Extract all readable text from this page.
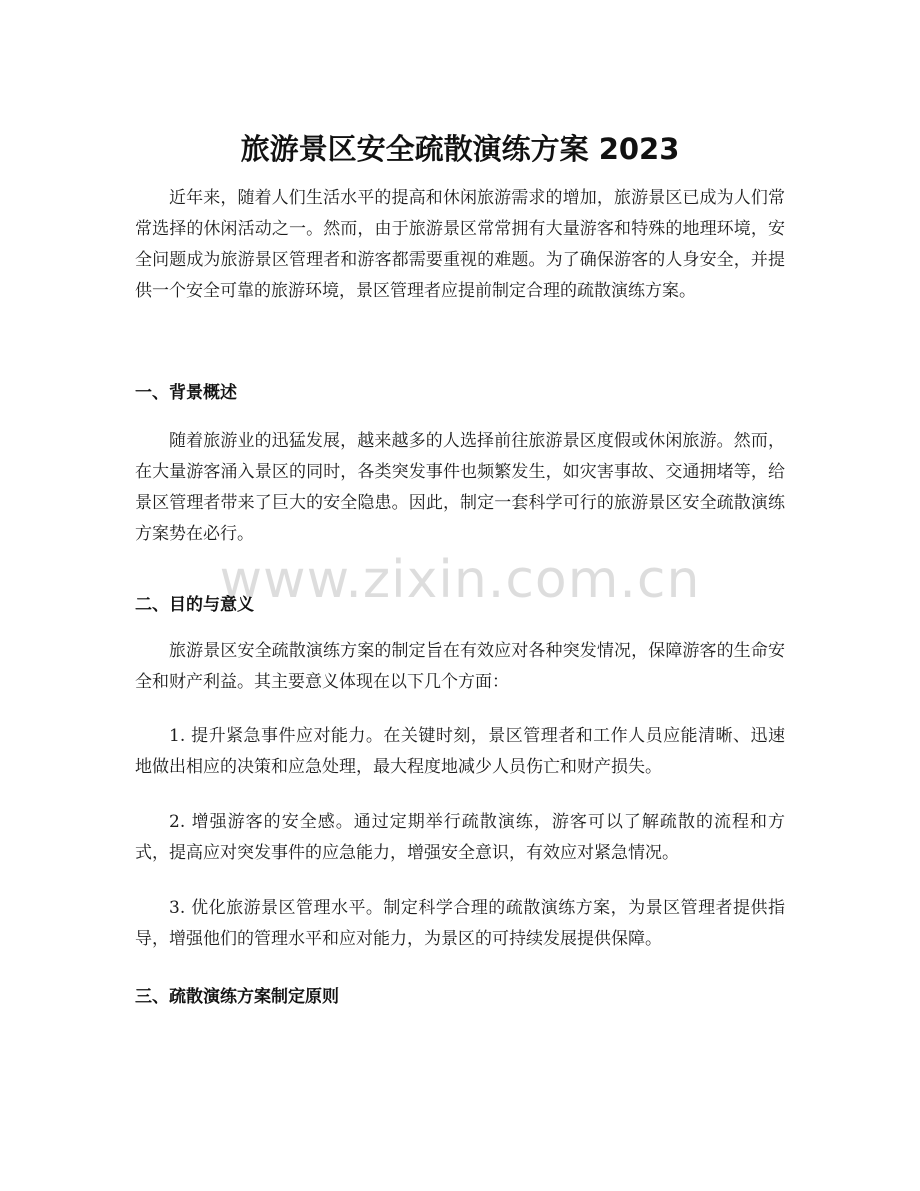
旅游景区安全疏散演练方案 2023

近年来，随着人们生活水平的提高和休闲旅游需求的增加，旅游景区已成为人们常常选择的休闲活动之一。然而，由于旅游景区常常拥有大量游客和特殊的地理环境，安全问题成为旅游景区管理者和游客都需要重视的难题。为了确保游客的人身安全，并提供一个安全可靠的旅游环境，景区管理者应提前制定合理的疏散演练方案。

一、背景概述

随着旅游业的迅猛发展，越来越多的人选择前往旅游景区度假或休闲旅游。然而，在大量游客涌入景区的同时，各类突发事件也频繁发生，如灾害事故、交通拥堵等，给景区管理者带来了巨大的安全隐患。因此，制定一套科学可行的旅游景区安全疏散演练方案势在必行。

二、目的与意义

旅游景区安全疏散演练方案的制定旨在有效应对各种突发情况，保障游客的生命安全和财产利益。其主要意义体现在以下几个方面：

1. 提升紧急事件应对能力。在关键时刻，景区管理者和工作人员应能清晰、迅速地做出相应的决策和应急处理，最大程度地减少人员伤亡和财产损失。

2. 增强游客的安全感。通过定期举行疏散演练，游客可以了解疏散的流程和方式，提高应对突发事件的应急能力，增强安全意识，有效应对紧急情况。

3. 优化旅游景区管理水平。制定科学合理的疏散演练方案，为景区管理者提供指导，增强他们的管理水平和应对能力，为景区的可持续发展提供保障。

三、疏散演练方案制定原则
www.zixin.com.cn
